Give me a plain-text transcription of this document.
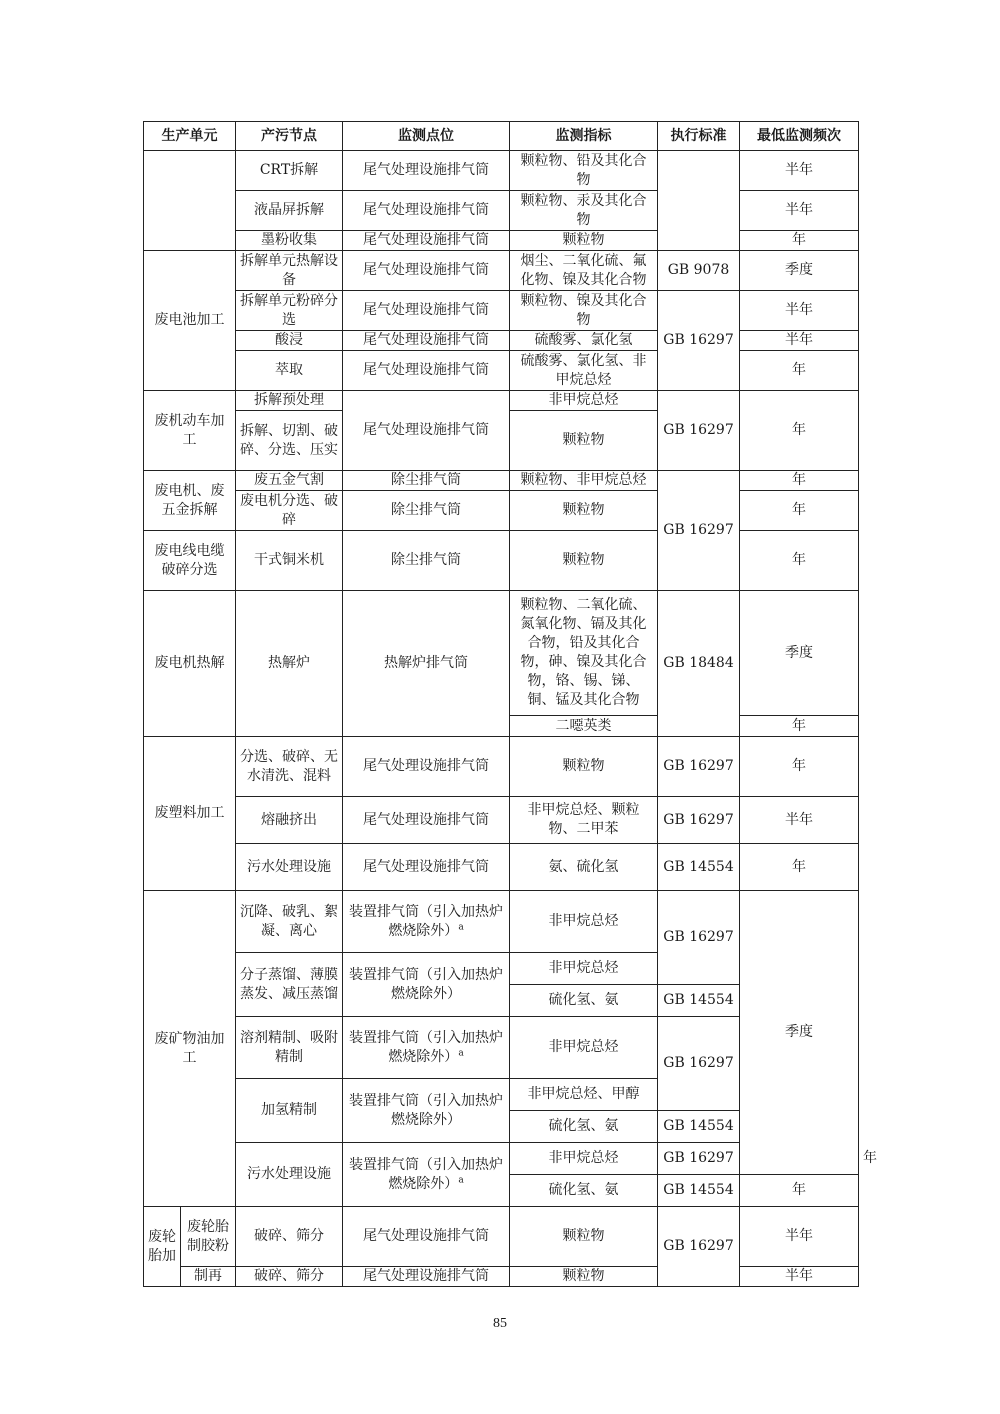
生产单元		产污节点	监测点位	监测指标	执行标准	最低监测频次	
		CRT拆解	尾气处理设施排气筒	颗粒物、铅及其化合物		半年	
		液晶屏拆解	尾气处理设施排气筒	颗粒物、汞及其化合物		半年	
		墨粉收集	尾气处理设施排气筒	颗粒物		年	
废电池加工		拆解单元热解设备	尾气处理设施排气筒	烟尘、二氧化硫、氟化物、镍及其化合物	GB 9078	季度	
		拆解单元粉碎分选	尾气处理设施排气筒	颗粒物、镍及其化合物	GB 16297	半年	
		酸浸	尾气处理设施排气筒	硫酸雾、氯化氢		半年	
		萃取	尾气处理设施排气筒	硫酸雾、氯化氢、非甲烷总烃		年	
废机动车加工		拆解预处理	尾气处理设施排气筒	非甲烷总烃	GB 16297	年	
		拆解、切割、破碎、分选、压实		颗粒物			
废电机、废五金拆解		废五金气割	除尘排气筒	颗粒物、非甲烷总烃	GB 16297	年	
		废电机分选、破碎	除尘排气筒	颗粒物		年	
废电线电缆破碎分选		干式铜米机	除尘排气筒	颗粒物		年	
废电机热解		热解炉	热解炉排气筒	颗粒物、二氧化硫、氮氧化物、镉及其化合物，铅及其化合物，砷、镍及其化合物，铬、锡、锑、铜、锰及其化合物	GB 18484	季度	
				二噁英类		年	
废塑料加工		分选、破碎、无水清洗、混料	尾气处理设施排气筒	颗粒物	GB 16297	年	
		熔融挤出	尾气处理设施排气筒	非甲烷总烃、颗粒物、二甲苯	GB 16297	半年	
		污水处理设施	尾气处理设施排气筒	氨、硫化氢	GB 14554	年	
废矿物油加工		沉降、破乳、絮凝、离心	装置排气筒（引入加热炉燃烧除外）$^a$	非甲烷总烃	GB 16297	季度	
		分子蒸馏、薄膜蒸发、减压蒸馏	装置排气筒（引入加热炉燃烧除外）	非甲烷总烃			
				硫化氢、氨	GB 14554		
		溶剂精制、吸附精制	装置排气筒（引入加热炉燃烧除外）$^a$	非甲烷总烃	GB 16297		
		加氢精制	装置排气筒（引入加热炉燃烧除外）	非甲烷总烃、甲醇			
				硫化氢、氨	GB 14554		
		污水处理设施	装置排气筒（引入加热炉燃烧除外）$^a$	非甲烷总烃	GB 16297		年
				硫化氢、氨	GB 14554	年	

废轮胎加	废轮胎制胶粉	破碎、筛分	尾气处理设施排气筒	颗粒物	GB 16297	半年	
	制再	破碎、筛分	尾气处理设施排气筒	颗粒物		半年	
85
